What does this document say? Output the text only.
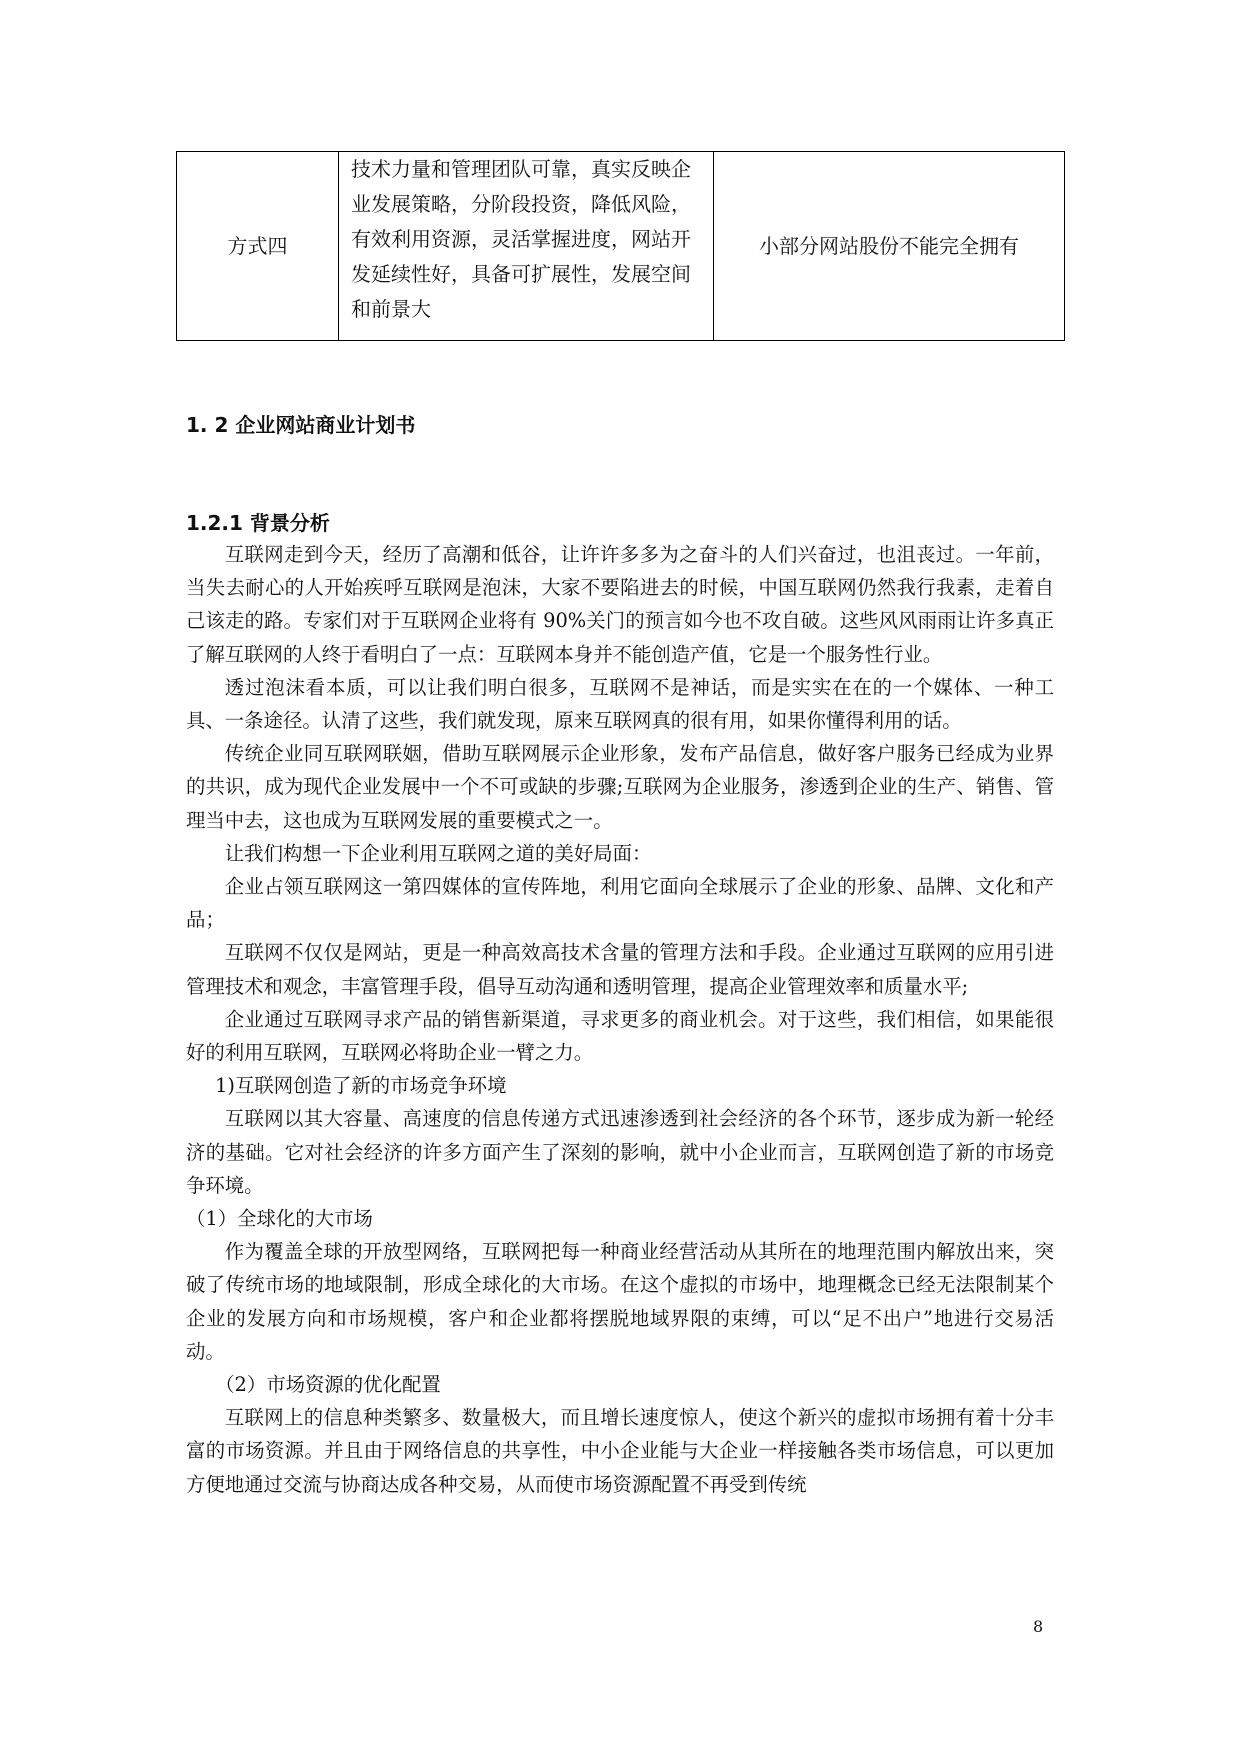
方式四	技术力量和管理团队可靠，真实反映企业发展策略，分阶段投资，降低风险，有效利用资源，灵活掌握进度，网站开发延续性好，具备可扩展性，发展空间和前景大	小部分网站股份不能完全拥有
1. 2 企业网站商业计划书
1.2.1 背景分析

互联网走到今天，经历了高潮和低谷，让许许多多为之奋斗的人们兴奋过，也沮丧过。一年前，当失去耐心的人开始疾呼互联网是泡沫，大家不要陷进去的时候，中国互联网仍然我行我素，走着自己该走的路。专家们对于互联网企业将有 90%关门的预言如今也不攻自破。这些风风雨雨让许多真正了解互联网的人终于看明白了一点：互联网本身并不能创造产值，它是一个服务性行业。

透过泡沫看本质，可以让我们明白很多，互联网不是神话，而是实实在在的一个媒体、一种工具、一条途径。认清了这些，我们就发现，原来互联网真的很有用，如果你懂得利用的话。

传统企业同互联网联姻，借助互联网展示企业形象，发布产品信息，做好客户服务已经成为业界的共识，成为现代企业发展中一个不可或缺的步骤;互联网为企业服务，渗透到企业的生产、销售、管理当中去，这也成为互联网发展的重要模式之一。

让我们构想一下企业利用互联网之道的美好局面：

企业占领互联网这一第四媒体的宣传阵地，利用它面向全球展示了企业的形象、品牌、文化和产品；

互联网不仅仅是网站，更是一种高效高技术含量的管理方法和手段。企业通过互联网的应用引进管理技术和观念，丰富管理手段，倡导互动沟通和透明管理，提高企业管理效率和质量水平;

企业通过互联网寻求产品的销售新渠道，寻求更多的商业机会。对于这些，我们相信，如果能很好的利用互联网，互联网必将助企业一臂之力。

1)互联网创造了新的市场竞争环境

互联网以其大容量、高速度的信息传递方式迅速渗透到社会经济的各个环节，逐步成为新一轮经济的基础。它对社会经济的许多方面产生了深刻的影响，就中小企业而言，互联网创造了新的市场竞争环境。

（1）全球化的大市场

作为覆盖全球的开放型网络，互联网把每一种商业经营活动从其所在的地理范围内解放出来，突破了传统市场的地域限制，形成全球化的大市场。在这个虚拟的市场中，地理概念已经无法限制某个企业的发展方向和市场规模，客户和企业都将摆脱地域界限的束缚，可以“足不出户”地进行交易活动。

（2）市场资源的优化配置

互联网上的信息种类繁多、数量极大，而且增长速度惊人，使这个新兴的虚拟市场拥有着十分丰富的市场资源。并且由于网络信息的共享性，中小企业能与大企业一样接触各类市场信息，可以更加方便地通过交流与协商达成各种交易，从而使市场资源配置不再受到传统

8
